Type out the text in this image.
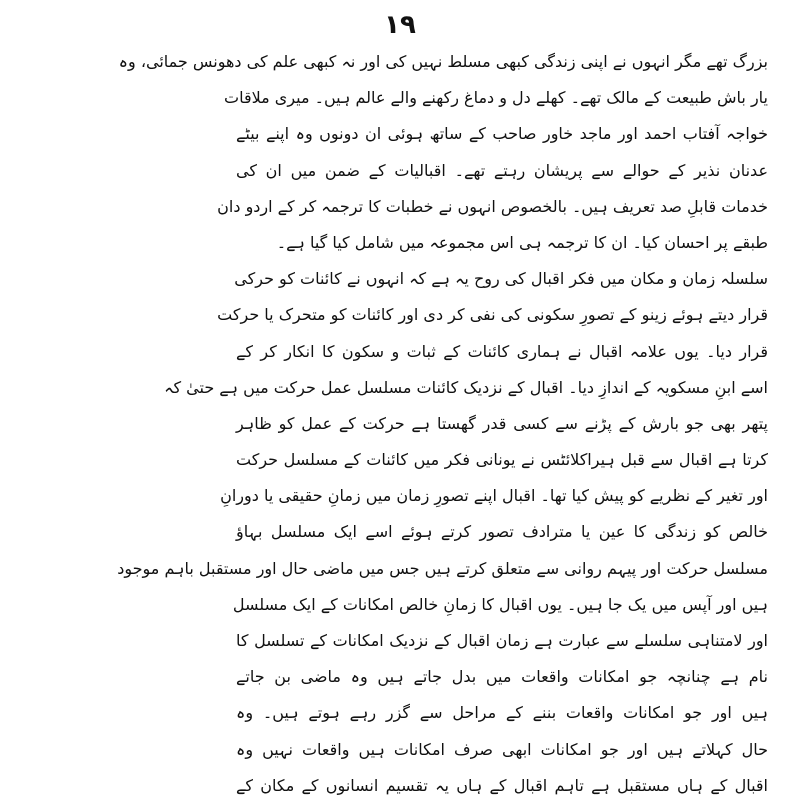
۱۹
بزرگ تھے مگر انہوں نے اپنی زندگی کبھی مسلط نہیں کی اور نہ کبھی علم کی دھونس جمائی، وہ
یار باش طبیعت کے مالک تھے۔ کھلے دل و دماغ رکھنے والے عالم ہیں۔ میری ملاقات
خواجہ آفتاب احمد اور ماجد خاور صاحب کے ساتھ ہوئی ان دونوں وہ اپنے بیٹے
عدنان نذیر کے حوالے سے پریشان رہتے تھے۔ اقبالیات کے ضمن میں ان کی
خدمات قابلِ صد تعریف ہیں۔ بالخصوص انہوں نے خطبات کا ترجمہ کر کے اردو دان
طبقے پر احسان کیا۔ ان کا ترجمہ ہی اس مجموعہ میں شامل کیا گیا ہے۔
سلسلہ زمان و مکان میں فکر اقبال کی روح یہ ہے کہ انہوں نے کائنات کو حرکی
قرار دیتے ہوئے زینو کے تصورِ سکونی کی نفی کر دی اور کائنات کو متحرک یا حرکت
قرار دیا۔ یوں علامہ اقبال نے ہماری کائنات کے ثبات و سکون کا انکار کر کے
اسے ابنِ مسکویہ کے اندازِ دیا۔ اقبال کے نزدیک کائنات مسلسل عمل حرکت میں ہے حتیٰ کہ
پتھر بھی جو بارش کے پڑنے سے کسی قدر گھستا ہے حرکت کے عمل کو ظاہر
کرتا ہے اقبال سے قبل ہیراکلائٹس نے یونانی فکر میں کائنات کے مسلسل حرکت
اور تغیر کے نظریے کو پیش کیا تھا۔ اقبال اپنے تصورِ زمان میں زمانِ حقیقی یا دورانِ
خالص کو زندگی کا عین یا مترادف تصور کرتے ہوئے اسے ایک مسلسل بہاؤ
مسلسل حرکت اور پیہم روانی سے متعلق کرتے ہیں جس میں ماضی حال اور مستقبل باہم موجود
ہیں اور آپس میں یک جا ہیں۔ یوں اقبال کا زمانِ خالص امکانات کے ایک مسلسل
اور لامتناہی سلسلے سے عبارت ہے زمان اقبال کے نزدیک امکانات کے تسلسل کا
نام ہے چنانچہ جو امکانات واقعات میں بدل جاتے ہیں وہ ماضی بن جاتے
ہیں اور جو امکانات واقعات بننے کے مراحل سے گزر رہے ہوتے ہیں۔ وہ
حال کہلاتے ہیں اور جو امکانات ابھی صرف امکانات ہیں واقعات نہیں وہ
اقبال کے ہاں مستقبل ہے تاہم اقبال کے ہاں یہ تقسیم انسانوں کے مکان کے
